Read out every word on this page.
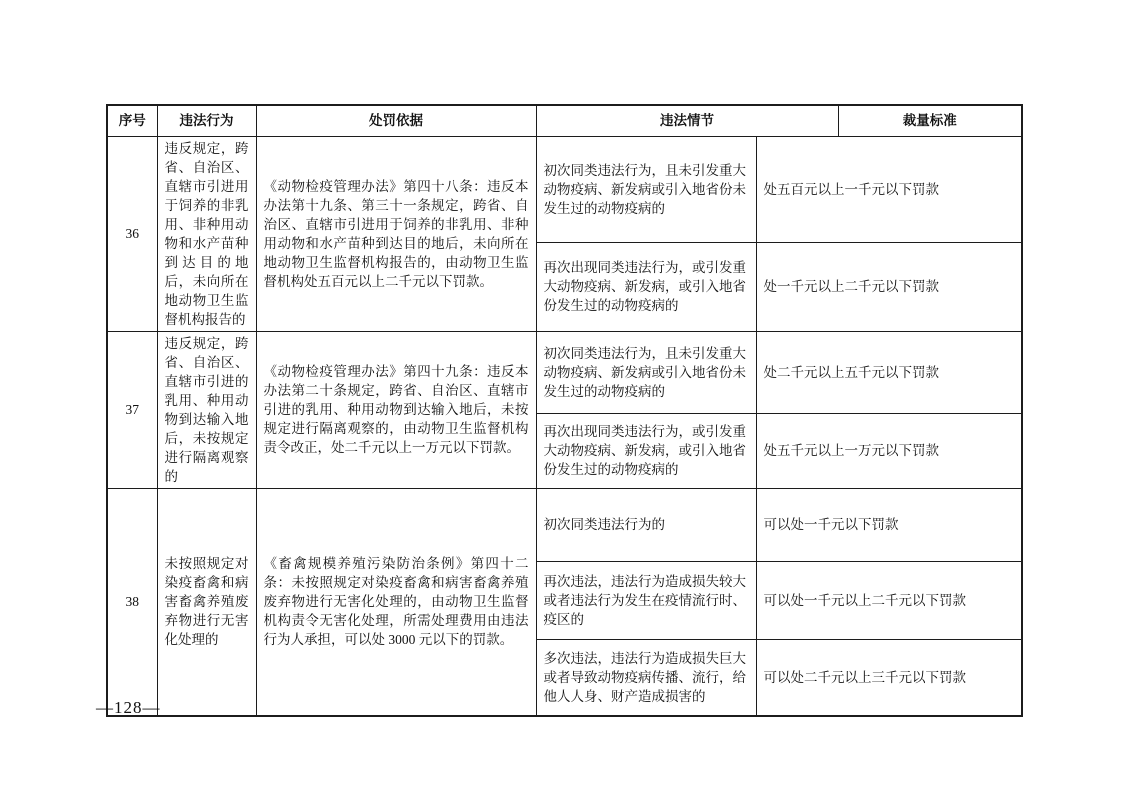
序号	违法行为	处罚依据	违法情节		裁量标准
36	违反规定，跨省、自治区、直辖市引进用于饲养的非乳用、非种用动物和水产苗种到达目的地后，未向所在地动物卫生监督机构报告的	《动物检疫管理办法》第四十八条：违反本办法第十九条、第三十一条规定，跨省、自治区、直辖市引进用于饲养的非乳用、非种用动物和水产苗种到达目的地后，未向所在地动物卫生监督机构报告的，由动物卫生监督机构处五百元以上二千元以下罚款。	初次同类违法行为，且未引发重大动物疫病、新发病或引入地省份未发生过的动物疫病的	处五百元以上一千元以下罚款	
			再次出现同类违法行为，或引发重大动物疫病、新发病，或引入地省份发生过的动物疫病的	处一千元以上二千元以下罚款	
37	违反规定，跨省、自治区、直辖市引进的乳用、种用动物到达输入地后，未按规定进行隔离观察的	《动物检疫管理办法》第四十九条：违反本办法第二十条规定，跨省、自治区、直辖市引进的乳用、种用动物到达输入地后，未按规定进行隔离观察的，由动物卫生监督机构责令改正，处二千元以上一万元以下罚款。	初次同类违法行为，且未引发重大动物疫病、新发病或引入地省份未发生过的动物疫病的	处二千元以上五千元以下罚款	
			再次出现同类违法行为，或引发重大动物疫病、新发病，或引入地省份发生过的动物疫病的	处五千元以上一万元以下罚款	
38	未按照规定对染疫畜禽和病害畜禽养殖废弃物进行无害化处理的	《畜禽规模养殖污染防治条例》第四十二条：未按照规定对染疫畜禽和病害畜禽养殖废弃物进行无害化处理的，由动物卫生监督机构责令无害化处理，所需处理费用由违法行为人承担，可以处 3000 元以下的罚款。	初次同类违法行为的	可以处一千元以下罚款	
			再次违法，违法行为造成损失较大或者违法行为发生在疫情流行时、疫区的	可以处一千元以上二千元以下罚款	
			多次违法，违法行为造成损失巨大或者导致动物疫病传播、流行，给他人人身、财产造成损害的	可以处二千元以上三千元以下罚款	
—128—
